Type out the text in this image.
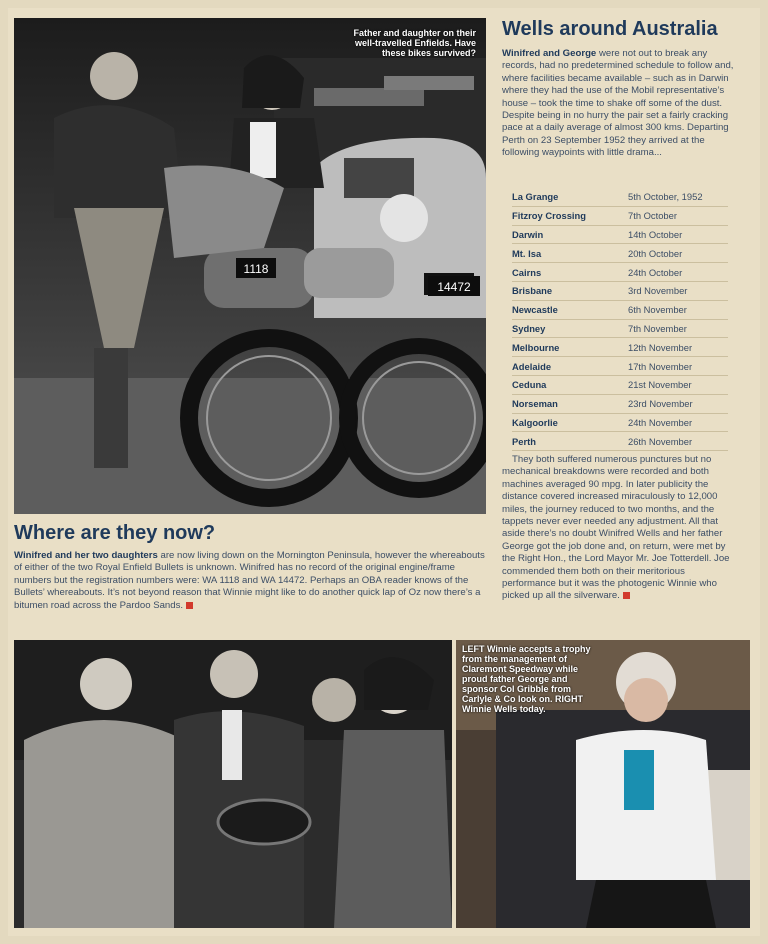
1118
14472
Father and daughter on their well-travelled Enfields. Have these bikes survived?
Wells around Australia

Winifred and George were not out to break any records, had no predetermined schedule to follow and, where facilities became available – such as in Darwin where they had the use of the Mobil representative’s house – took the time to shake off some of the dust. Despite being in no hurry the pair set a fairly cracking pace at a daily average of almost 300 kms. Departing Perth on 23 September 1952 they arrived at the following waypoints with little drama...

La Grange	5th October, 1952
Fitzroy Crossing	7th October
Darwin	14th October
Mt. Isa	20th October
Cairns	24th October
Brisbane	3rd November
Newcastle	6th November
Sydney	7th November
Melbourne	12th November
Adelaide	17th November
Ceduna	21st November
Norseman	23rd November
Kalgoorlie	24th November
Perth	26th November

They both suffered numerous punctures but no mechanical breakdowns were recorded and both machines averaged 90 mpg. In later publicity the distance covered increased miraculously to 12,000 miles, the journey reduced to two months, and the tappets never ever needed any adjustment. All that aside there’s no doubt Winifred Wells and her father George got the job done and, on return, were met by the Right Hon., the Lord Mayor Mr. Joe Totterdell. Joe commended them both on their meritorious performance but it was the photogenic Winnie who picked up all the silverware.

Where are they now?

Winifred and her two daughters are now living down on the Mornington Peninsula, however the whereabouts of either of the two Royal Enfield Bullets is unknown. Winifred has no record of the original engine/frame numbers but the registration numbers were: WA 1118 and WA 14472. Perhaps an OBA reader knows of the Bullets’ whereabouts. It’s not beyond reason that Winnie might like to do another quick lap of Oz now there’s a bitumen road across the Pardoo Sands.

LEFT Winnie accepts a trophy from the management of Claremont Speedway while proud father George and sponsor Col Gribble from Carlyle & Co look on. RIGHT Winnie Wells today.
